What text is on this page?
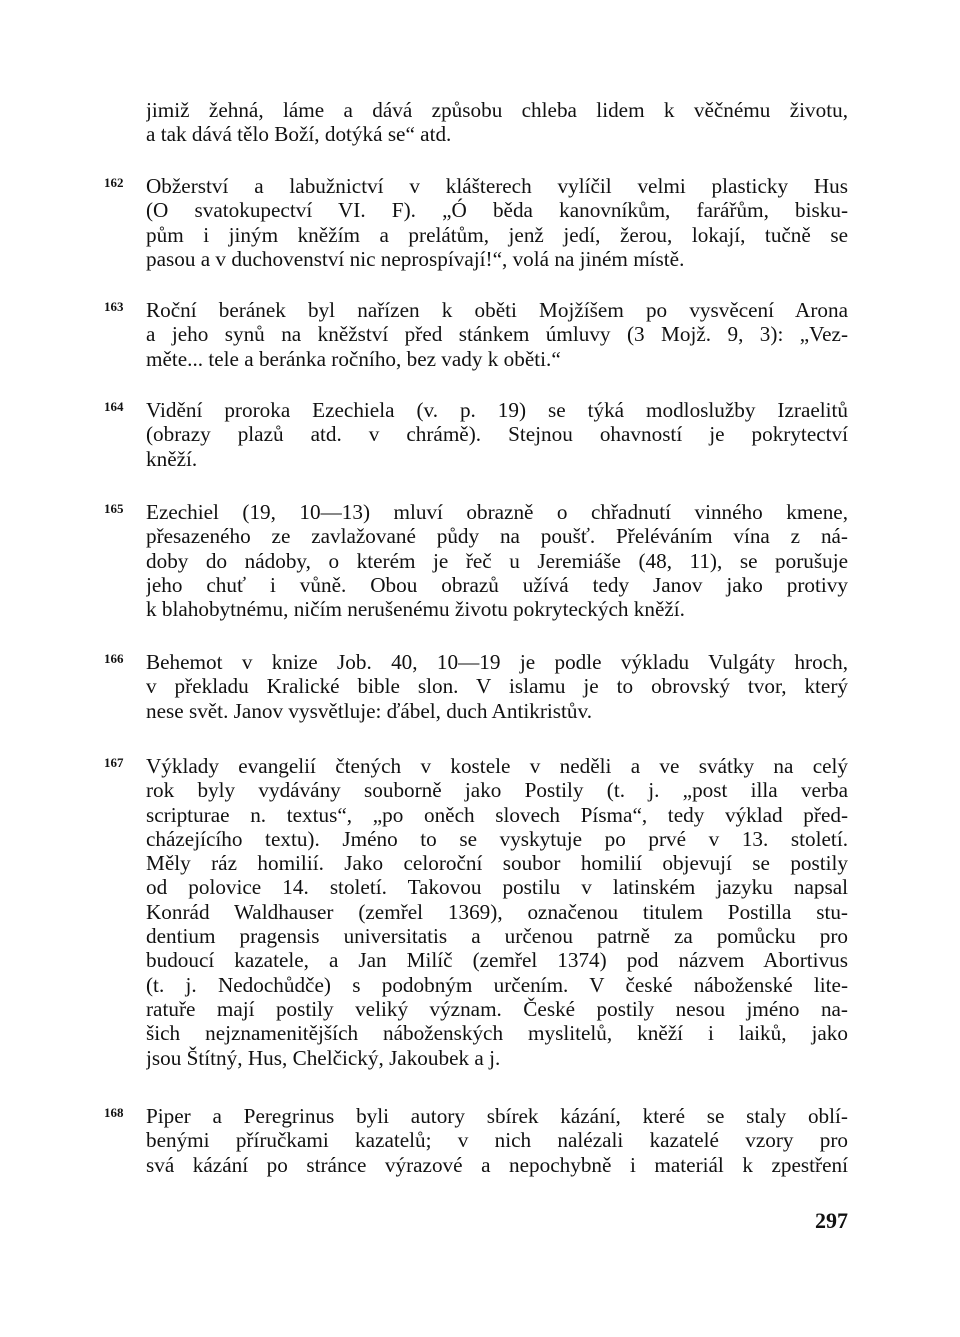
jimiž žehná, láme a dává způsobu chleba lidem k věčnému životu,
a tak dává tělo Boží, dotýká se“ atd.
162 Obžerství a labužnictví v klášterech vylíčil velmi plasticky Hus
(O svatokupectví VI. F). „Ó běda kanovníkům, farářům, bisku-
pům i jiným kněžím a prelátům, jenž jedí, žerou, lokají, tučně se
pasou a v duchovenství nic neprospívají!“, volá na jiném místě.
163 Roční beránek byl nařízen k oběti Mojžíšem po vysvěcení Arona
a jeho synů na kněžství před stánkem úmluvy (3 Mojž. 9, 3): „Vez-
měte... tele a beránka ročního, bez vady k oběti.“
164 Vidění proroka Ezechiela (v. p. 19) se týká modloslužby Izraelitů
(obrazy plazů atd. v chrámě). Stejnou ohavností je pokrytectví
kněží.
165 Ezechiel (19, 10—13) mluví obrazně o chřadnutí vinného kmene,
přesazeného ze zavlažované půdy na poušť. Přeléváním vína z ná-
doby do nádoby, o kterém je řeč u Jeremiáše (48, 11), se porušuje
jeho chuť i vůně. Obou obrazů užívá tedy Janov jako protivy
k blahobytnému, ničím nerušenému životu pokryteckých kněží.
166 Behemot v knize Job. 40, 10—19 je podle výkladu Vulgáty hroch,
v překladu Kralické bible slon. V islamu je to obrovský tvor, který
nese svět. Janov vysvětluje: ďábel, duch Antikristův.
167 Výklady evangelií čtených v kostele v neděli a ve svátky na celý
rok byly vydávány souborně jako Postily (t. j. „post illa verba
scripturae n. textus“, „po oněch slovech Písma“, tedy výklad před-
cházejícího textu). Jméno to se vyskytuje po prvé v 13. století.
Měly ráz homilií. Jako celoroční soubor homilií objevují se postily
od polovice 14. století. Takovou postilu v latinském jazyku napsal
Konrád Waldhauser (zemřel 1369), označenou titulem Postilla stu-
dentium pragensis universitatis a určenou patrně za pomůcku pro
budoucí kazatele, a Jan Milíč (zemřel 1374) pod názvem Abortivus
(t. j. Nedochůdče) s podobným určením. V české náboženské lite-
ratuře mají postily veliký význam. České postily nesou jméno na-
šich nejznamenitějších náboženských myslitelů, kněží i laiků, jako
jsou Štítný, Hus, Chelčický, Jakoubek a j.
168 Piper a Peregrinus byli autory sbírek kázání, které se staly oblí-
benými příručkami kazatelů; v nich nalézali kazatelé vzory pro
svá kázání po stránce výrazové a nepochybně i materiál k zpestření
297
